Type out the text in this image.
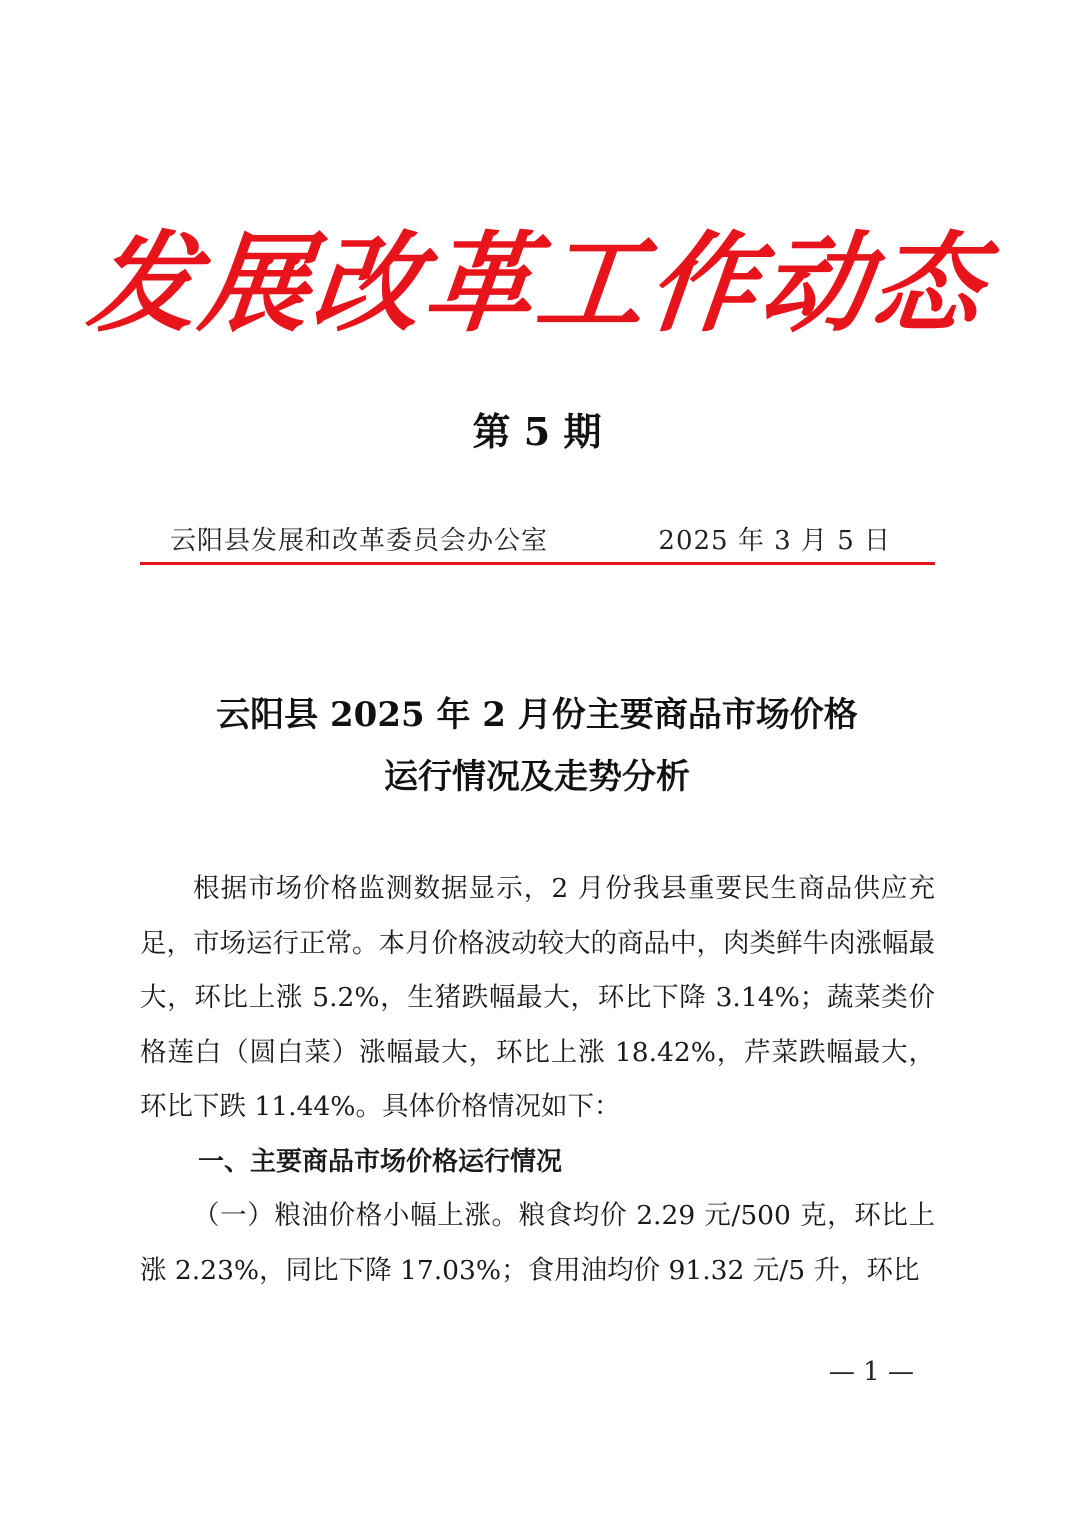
发展改革工作动态
第 5 期
云阳县发展和改革委员会办公室	2025 年 3 月 5 日
云阳县 2025 年 2 月份主要商品市场价格
运行情况及走势分析

根据市场价格监测数据显示，2 月份我县重要民生商品供应充足，市场运行正常。本月价格波动较大的商品中，肉类鲜牛肉涨幅最大，环比上涨 5.2%，生猪跌幅最大，环比下降 3.14%；蔬菜类价格莲白（圆白菜）涨幅最大，环比上涨 18.42%，芹菜跌幅最大，环比下跌 11.44%。具体价格情况如下：

一、主要商品市场价格运行情况

（一）粮油价格小幅上涨。粮食均价 2.29 元/500 克，环比上涨 2.23%，同比下降 17.03%；食用油均价 91.32 元/5 升，环比

— 1 —
